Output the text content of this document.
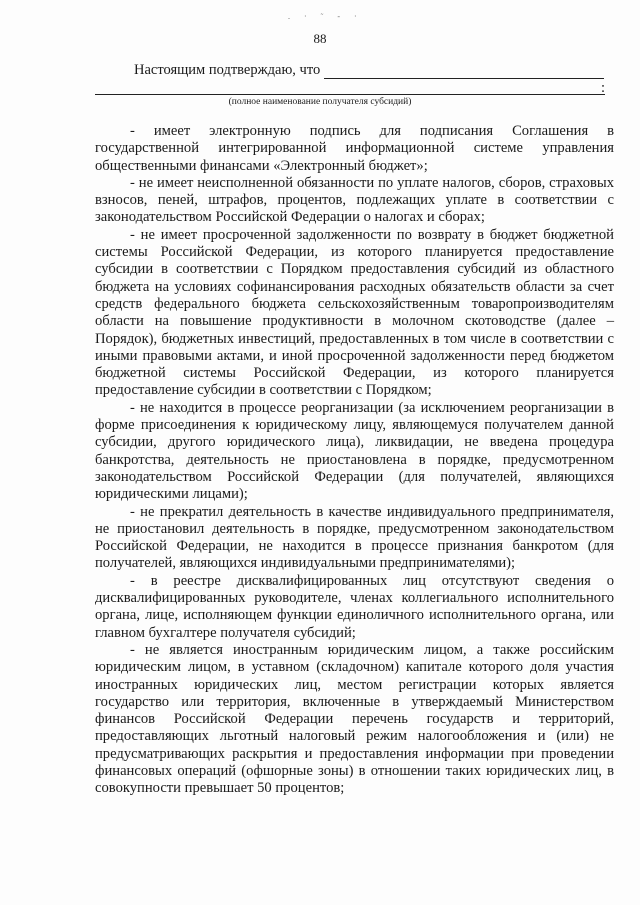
. · ˜ - ·
88
Настоящим подтверждаю, что
:
(полное наименование получателя субсидий)

- имеет электронную подпись для подписания Соглашения в государственной интегрированной информационной системе управления общественными финансами «Электронный бюджет»;

- не имеет неисполненной обязанности по уплате налогов, сборов, страховых взносов, пеней, штрафов, процентов, подлежащих уплате в соответствии с законодательством Российской Федерации о налогах и сборах;

- не имеет просроченной задолженности по возврату в бюджет бюджетной системы Российской Федерации, из которого планируется предоставление субсидии в соответствии с Порядком предоставления субсидий из областного бюджета на условиях софинансирования расходных обязательств области за счет средств федерального бюджета сельскохозяйственным товаропроизводителям области на повышение продуктивности в молочном скотоводстве (далее – Порядок), бюджетных инвестиций, предоставленных в том числе в соответствии с иными правовыми актами, и иной просроченной задолженности перед бюджетом бюджетной системы Российской Федерации, из которого планируется предоставление субсидии в соответствии с Порядком;

- не находится в процессе реорганизации (за исключением реорганизации в форме присоединения к юридическому лицу, являющемуся получателем данной субсидии, другого юридического лица), ликвидации, не введена процедура банкротства, деятельность не приостановлена в порядке, предусмотренном законодательством Российской Федерации (для получателей, являющихся юридическими лицами);

- не прекратил деятельность в качестве индивидуального предпринимателя, не приостановил деятельность в порядке, предусмотренном законодательством Российской Федерации, не находится в процессе признания банкротом (для получателей, являющихся индивидуальными предпринимателями);

- в реестре дисквалифицированных лиц отсутствуют сведения о дисквалифицированных руководителе, членах коллегиального исполнительного органа, лице, исполняющем функции единоличного исполнительного органа, или главном бухгалтере получателя субсидий;

- не является иностранным юридическим лицом, а также российским юридическим лицом, в уставном (складочном) капитале которого доля участия иностранных юридических лиц, местом регистрации которых является государство или территория, включенные в утверждаемый Министерством финансов Российской Федерации перечень государств и территорий, предоставляющих льготный налоговый режим налогообложения и (или) не предусматривающих раскрытия и предоставления информации при проведении финансовых операций (офшорные зоны) в отношении таких юридических лиц, в совокупности превышает 50 процентов;
